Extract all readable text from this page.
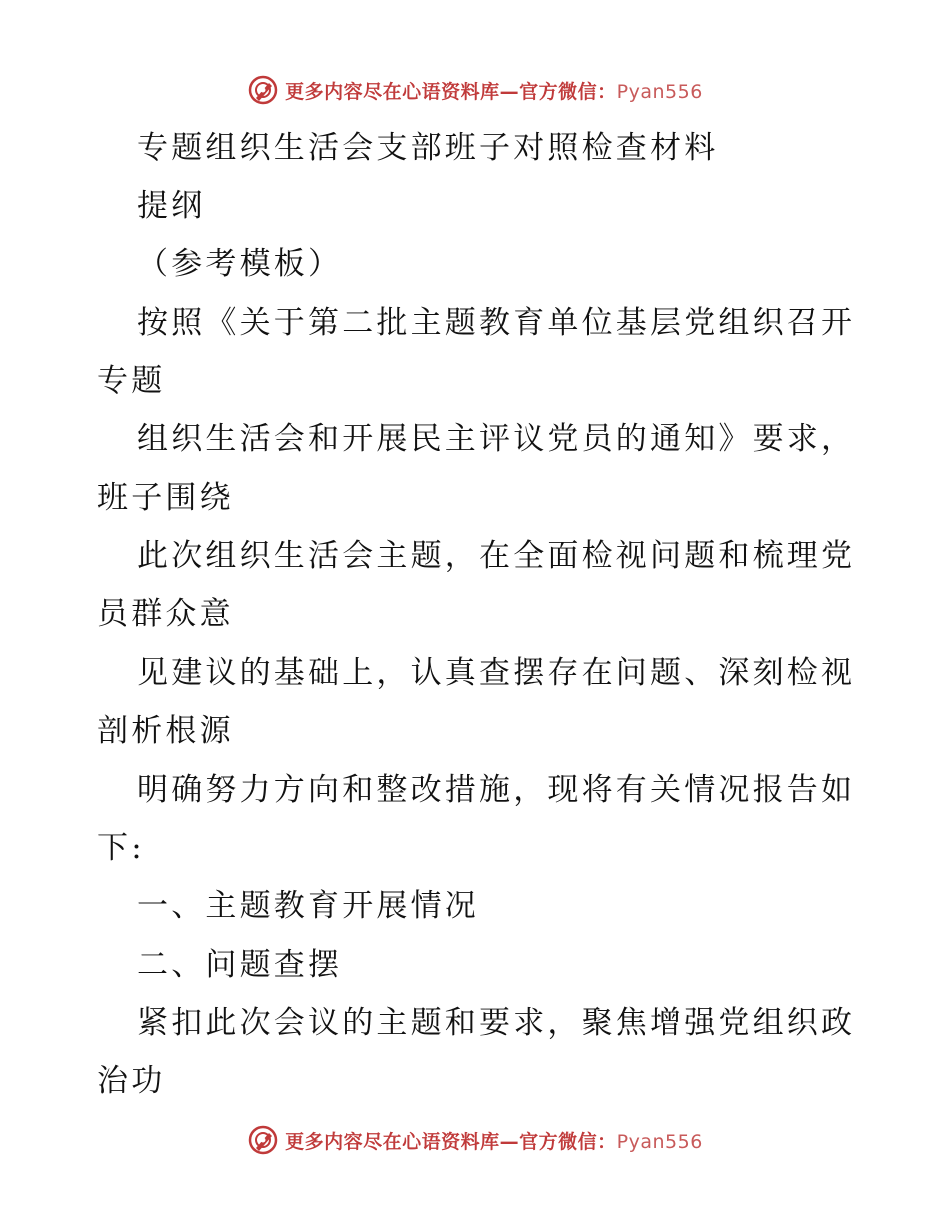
更多内容尽在心语资料库—官方微信：Pyan556
专题组织生活会支部班子对照检查材料
提纲
（参考模板）
按照《关于第二批主题教育单位基层党组织召开
专题
组织生活会和开展民主评议党员的通知》要求，
班子围绕
此次组织生活会主题，在全面检视问题和梳理党
员群众意
见建议的基础上，认真查摆存在问题、深刻检视
剖析根源
明确努力方向和整改措施，现将有关情况报告如
下:
一、主题教育开展情况
二、问题查摆
紧扣此次会议的主题和要求，聚焦增强党组织政
治功
更多内容尽在心语资料库—官方微信：Pyan556
